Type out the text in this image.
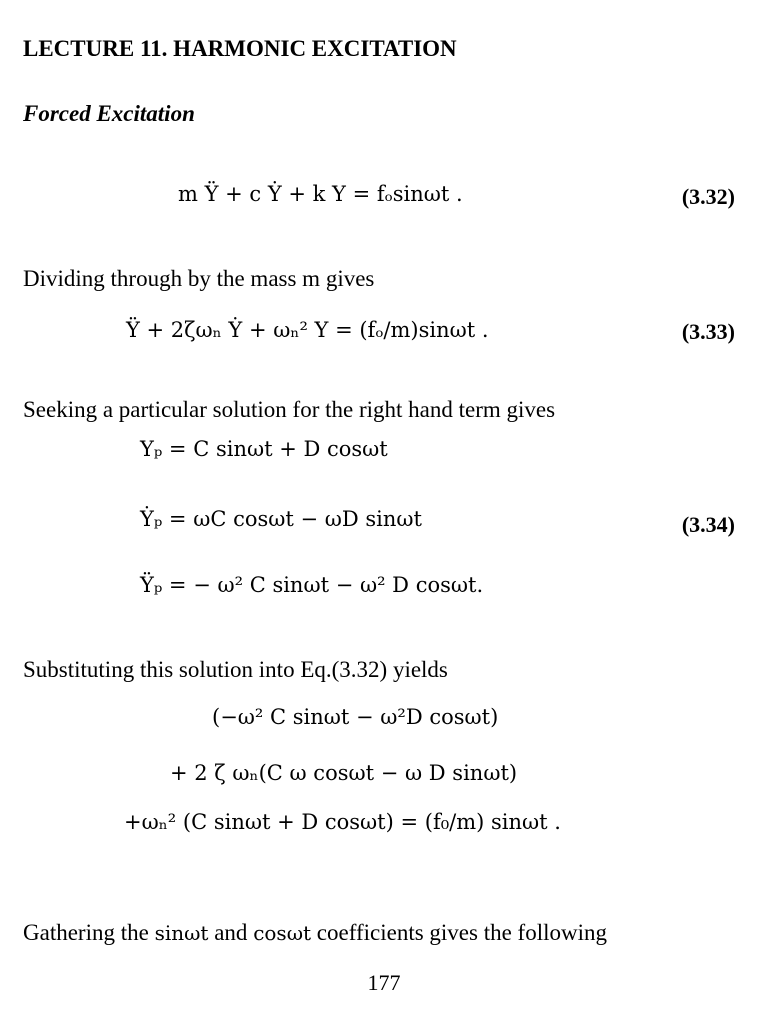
LECTURE 11. HARMONIC EXCITATION
Forced Excitation
m Ÿ + c Ẏ + k Y = fₒsinωt .	(3.32)
Dividing through by the mass m gives
Ÿ + 2ζωₙ Ẏ + ωₙ² Y = (fₒ/m)sinωt .	(3.33)
Seeking a particular solution for the right hand term gives
Yₚ = C sinωt + D cosωt
Ẏₚ = ωC cosωt − ωD sinωt	(3.34)
Ÿₚ = − ω² C sinωt − ω² D cosωt.
Substituting this solution into Eq.(3.32) yields
(−ω² C sinωt − ω²D cosωt)
+ 2 ζ ωₙ(C ω cosωt − ω D sinωt)
+ωₙ² (C sinωt + D cosωt) = (f₀/m) sinωt .
Gathering the sinωt and cosωt coefficients gives the following
177
